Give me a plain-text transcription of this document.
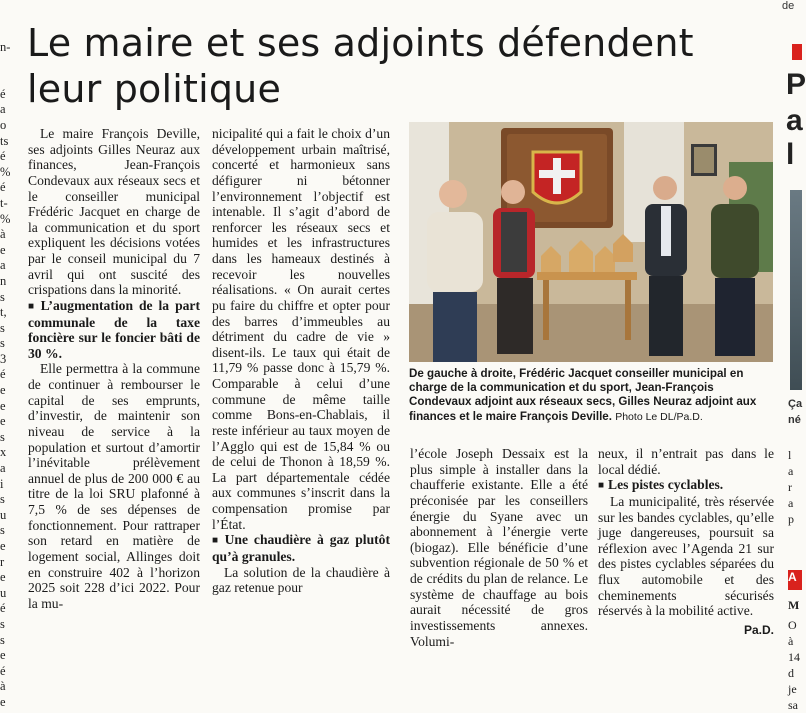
n-
é
a
o
ts
é
%
é
t-
%
à
e
a
n
s
t,
s
s
3
é
e
e
e
s
x
a
i
s
u
s
e
r
e
u
é
s
s
e
é
à
e
de
P
a
l
Ça
né
l
a
r
a
p
A
M
O
à
14
d
je
sa
Le maire et ses adjoints défendent
leur politique

Le maire François Deville, ses adjoints Gilles Neuraz aux finances, Jean-François Condevaux aux réseaux secs et le conseiller municipal Frédéric Jacquet en charge de la communication et du sport expliquent les décisions votées par le conseil municipal du 7 avril qui ont suscité des crispations dans la minorité.

■ L’augmentation de la part communale de la taxe foncière sur le foncier bâti de 30 %.

Elle permettra à la commune de continuer à rembourser le capital de ses emprunts, d’investir, de maintenir son niveau de service à la population et surtout d’amortir l’inévitable prélèvement annuel de plus de 200 000 € au titre de la loi SRU plafonné à 7,5 % de ses dépenses de fonctionnement. Pour rattraper son retard en matière de logement social, Allinges doit en construire 402 à l’horizon 2025 soit 228 d’ici 2022. Pour la mu-

nicipalité qui a fait le choix d’un développement urbain maîtrisé, concerté et harmonieux sans défigurer ni bétonner l’environnement l’objectif est intenable. Il s’agit d’abord de renforcer les réseaux secs et humides et les infrastructures dans les hameaux destinés à recevoir les nouvelles réalisations. « On aurait certes pu faire du chiffre et opter pour des barres d’immeubles au détriment du cadre de vie » disent-ils. Le taux qui était de 11,79 % passe donc à 15,79 %. Comparable à celui d’une commune de même taille comme Bons-en-Chablais, il reste inférieur au taux moyen de l’Agglo qui est de 15,84 % ou de celui de Thonon à 18,59 %. La part départementale cédée aux communes s’inscrit dans la compensation promise par l’État.

■ Une chaudière à gaz plutôt qu’à granules.

La solution de la chaudière à gaz retenue pour

De gauche à droite, Frédéric Jacquet conseiller municipal en charge de la communication et du sport, Jean-François Condevaux adjoint aux réseaux secs, Gilles Neuraz adjoint aux finances et le maire François Deville. Photo Le DL/Pa.D.

l’école Joseph Dessaix est la plus simple à installer dans la chaufferie existante. Elle a été préconisée par les conseillers énergie du Syane avec un abonnement à l’énergie verte (biogaz). Elle bénéficie d’une subvention régionale de 50 % et de crédits du plan de relance. Le système de chauffage au bois aurait nécessité de gros investissements annexes. Volumi-

neux, il n’entrait pas dans le local dédié.

■ Les pistes cyclables.

La municipalité, très réservée sur les bandes cyclables, qu’elle juge dangereuses, poursuit sa réflexion avec l’Agenda 21 sur des pistes cyclables séparées du flux automobile et des cheminements sécurisés réservés à la mobilité active.

Pa.D.
